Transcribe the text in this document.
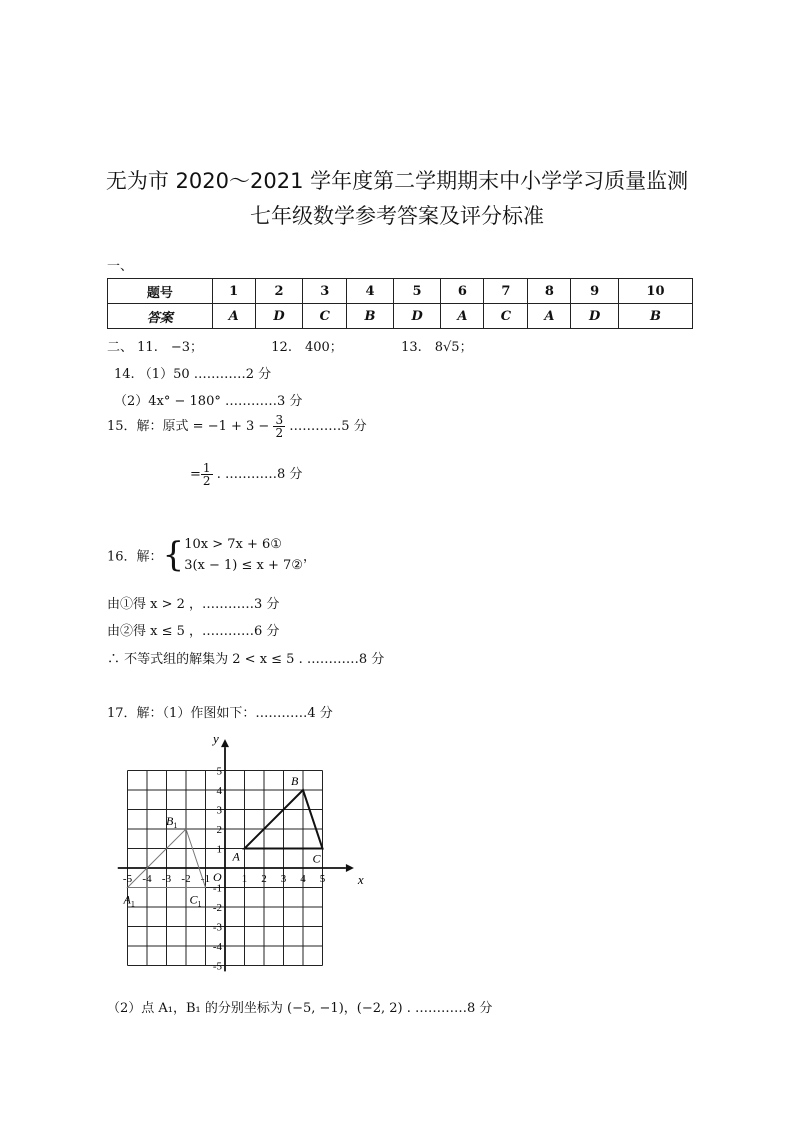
无为市 2020～2021 学年度第二学期期末中小学学习质量监测
七年级数学参考答案及评分标准
一、
题号	1	2	3	4	5	6	7	8	9	10
答案	A	D	C	B	D	A	C	A	D	B
二、 11.　−3；	12.　400；	13.　8√5；
14. （1）50 …………2 分
（2）4x° − 180° …………3 分
15．解：原式 = $-1 + 3 - \frac{3}{2}$ …………5 分
= $\frac{1}{2}$ . …………8 分
16．解：{ 10x > 7x + 6①
3(x − 1) ≤ x + 7②
，
由①得 x > 2 ，…………3 分
由②得 x ≤ 5 ，…………6 分
∴ 不等式组的解集为 2 < x ≤ 5 . …………8 分
17．解：（1）作图如下：…………4 分
-5 -4 -3 -2 -1	1 2 3 4 5
-5
-4
-3
-2
-1
1
2
3
4
5
A
B
C
$A_1$
$B_1$
$C_1$
x
y
O
（2）点 A₁，B₁ 的分别坐标为 (−5, −1)，(−2, 2) . …………8 分
